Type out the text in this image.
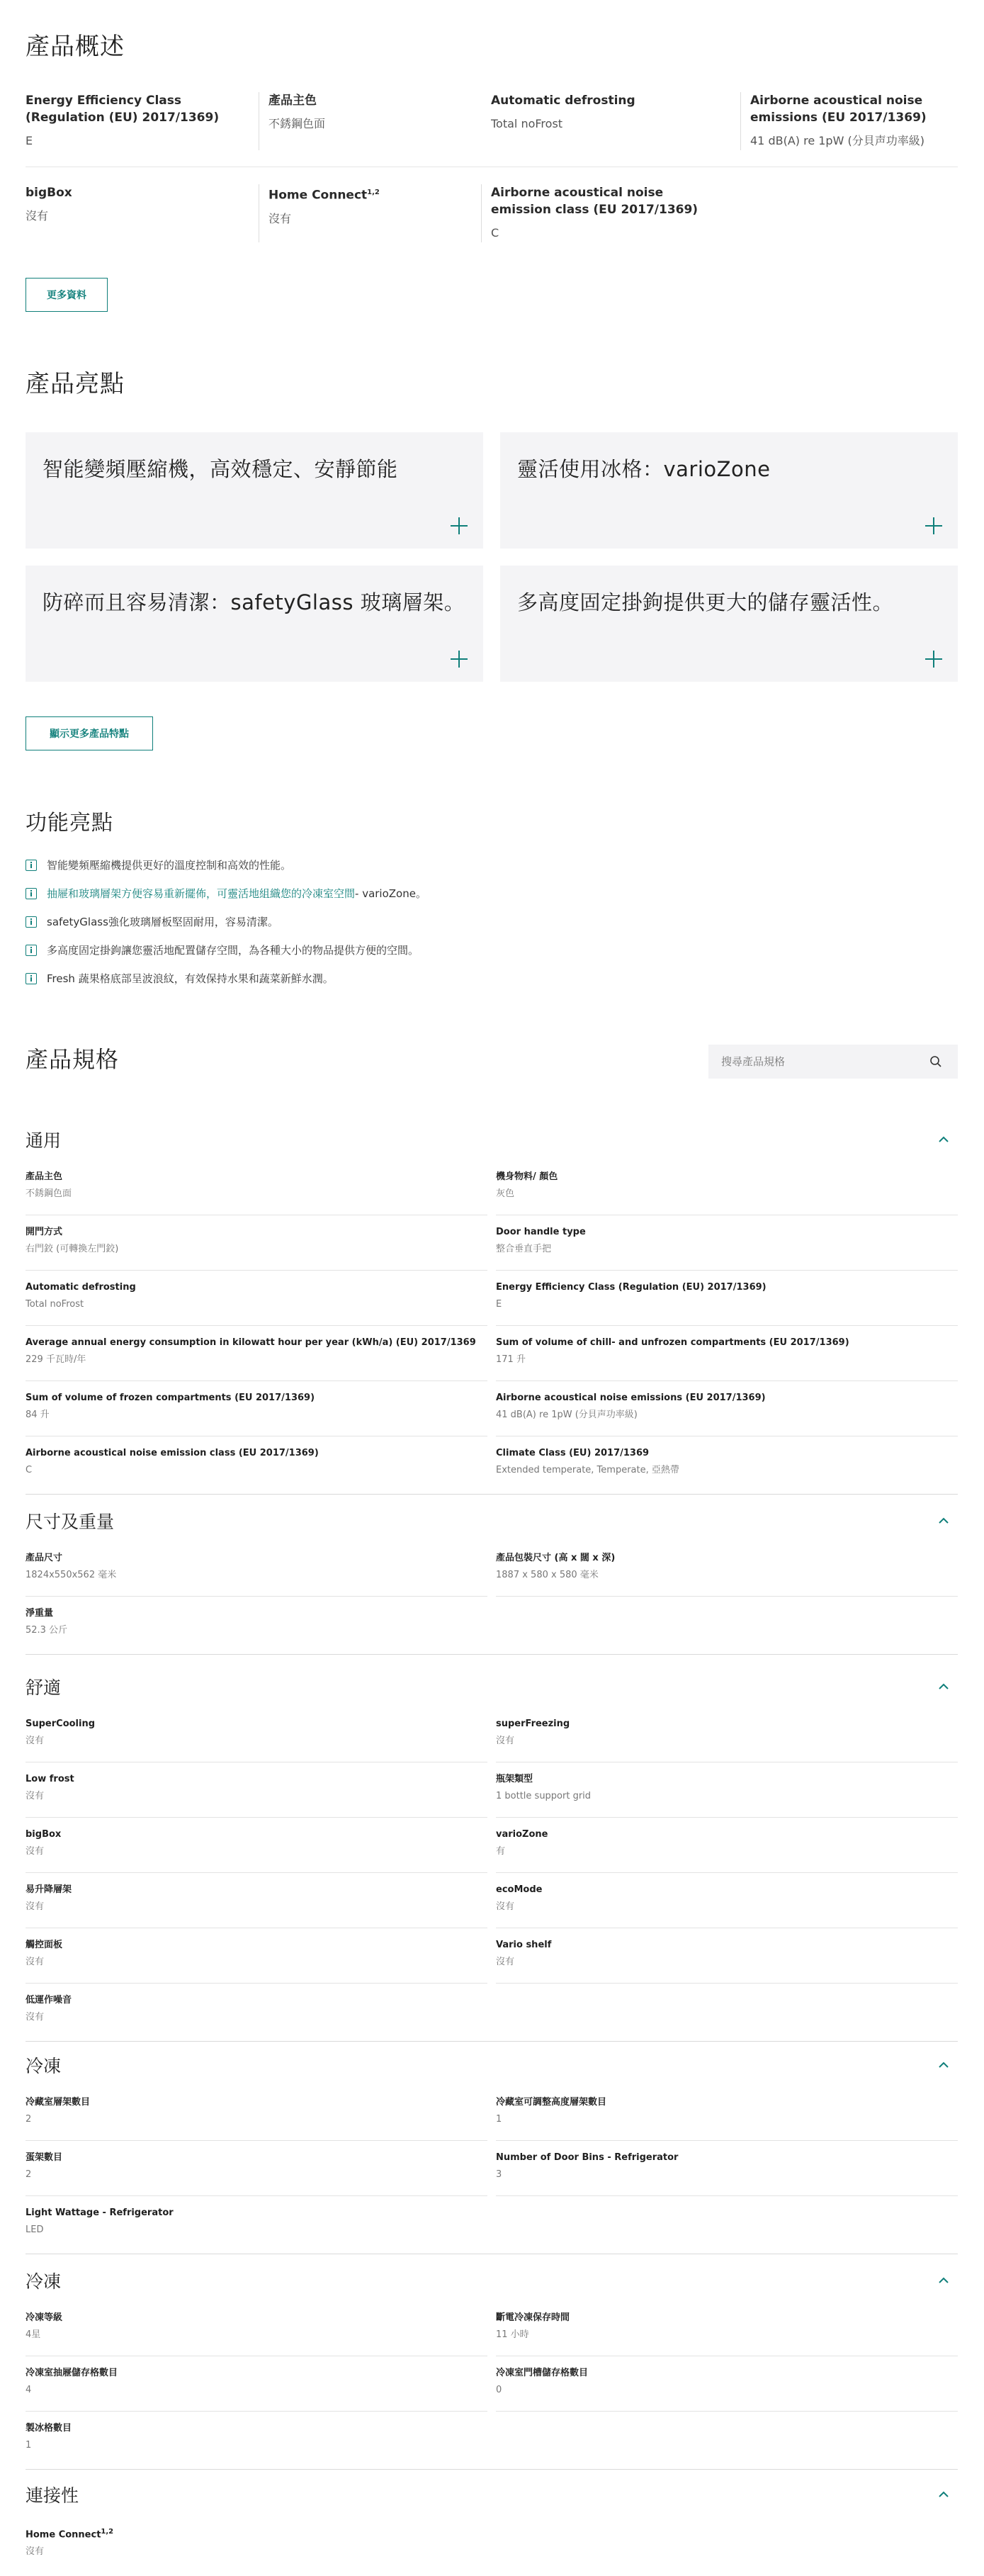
產品概述
Energy Efficiency Class (Regulation (EU) 2017/1369)
E
產品主色
不銹鋼色面
Automatic defrosting
Total noFrost
Airborne acoustical noise emissions (EU 2017/1369)
41 dB(A) re 1pW (分貝声功率級)
bigBox
沒有
Home Connect$^{1,2}$
沒有
Airborne acoustical noise emission class (EU 2017/1369)
C
更多資料
產品亮點
智能變頻壓縮機，高效穩定、安靜節能	靈活使用冰格：varioZone
防碎而且容易清潔：safetyGlass 玻璃層架。	多高度固定掛鉤提供更大的儲存靈活性。
顯示更多產品特點
功能亮點
智能變頻壓縮機提供更好的溫度控制和高效的性能。
抽屜和玻璃層架方便容易重新擺佈，可靈活地組織您的冷凍室空間 - varioZone。
safetyGlass強化玻璃層板堅固耐用，容易清潔。
多高度固定掛鉤讓您靈活地配置儲存空間，為各種大小的物品提供方便的空間。
Fresh 蔬果格底部呈波浪紋，有效保持水果和蔬菜新鮮水潤。
產品規格
搜尋產品規格
通用
產品主色
不銹鋼色面
機身物料/ 顏色
灰色
開門方式
右門鉸 (可轉換左門鉸)
Door handle type
整合垂直手把
Automatic defrosting
Total noFrost
Energy Efficiency Class (Regulation (EU) 2017/1369)
E
Average annual energy consumption in kilowatt hour per year (kWh/a) (EU) 2017/1369
229 千瓦時/年
Sum of volume of chill- and unfrozen compartments (EU 2017/1369)
171 升
Sum of volume of frozen compartments (EU 2017/1369)
84 升
Airborne acoustical noise emissions (EU 2017/1369)
41 dB(A) re 1pW (分貝声功率級)
Airborne acoustical noise emission class (EU 2017/1369)
C
Climate Class (EU) 2017/1369
Extended temperate, Temperate, 亞熱帶
尺寸及重量
產品尺寸
1824x550x562 毫米
產品包裝尺寸 (高 x 闊 x 深)
1887 x 580 x 580 毫米
淨重量
52.3 公斤
舒適
SuperCooling
沒有
superFreezing
沒有
Low frost
沒有
瓶架類型
1 bottle support grid
bigBox
沒有
varioZone
有
易升降層架
沒有
ecoMode
沒有
觸控面板
沒有
Vario shelf
沒有
低運作噪音
沒有
冷凍
冷藏室層架數目
2
冷藏室可調整高度層架數目
1
蛋架數目
2
Number of Door Bins - Refrigerator
3
Light Wattage - Refrigerator
LED
冷凍
冷凍等級
4星
斷電冷凍保存時間
11 小時
冷凍室抽屜儲存格數目
4
冷凍室門槽儲存格數目
0
製冰格數目
1
連接性
Home Connect$^{1,2}$
沒有
